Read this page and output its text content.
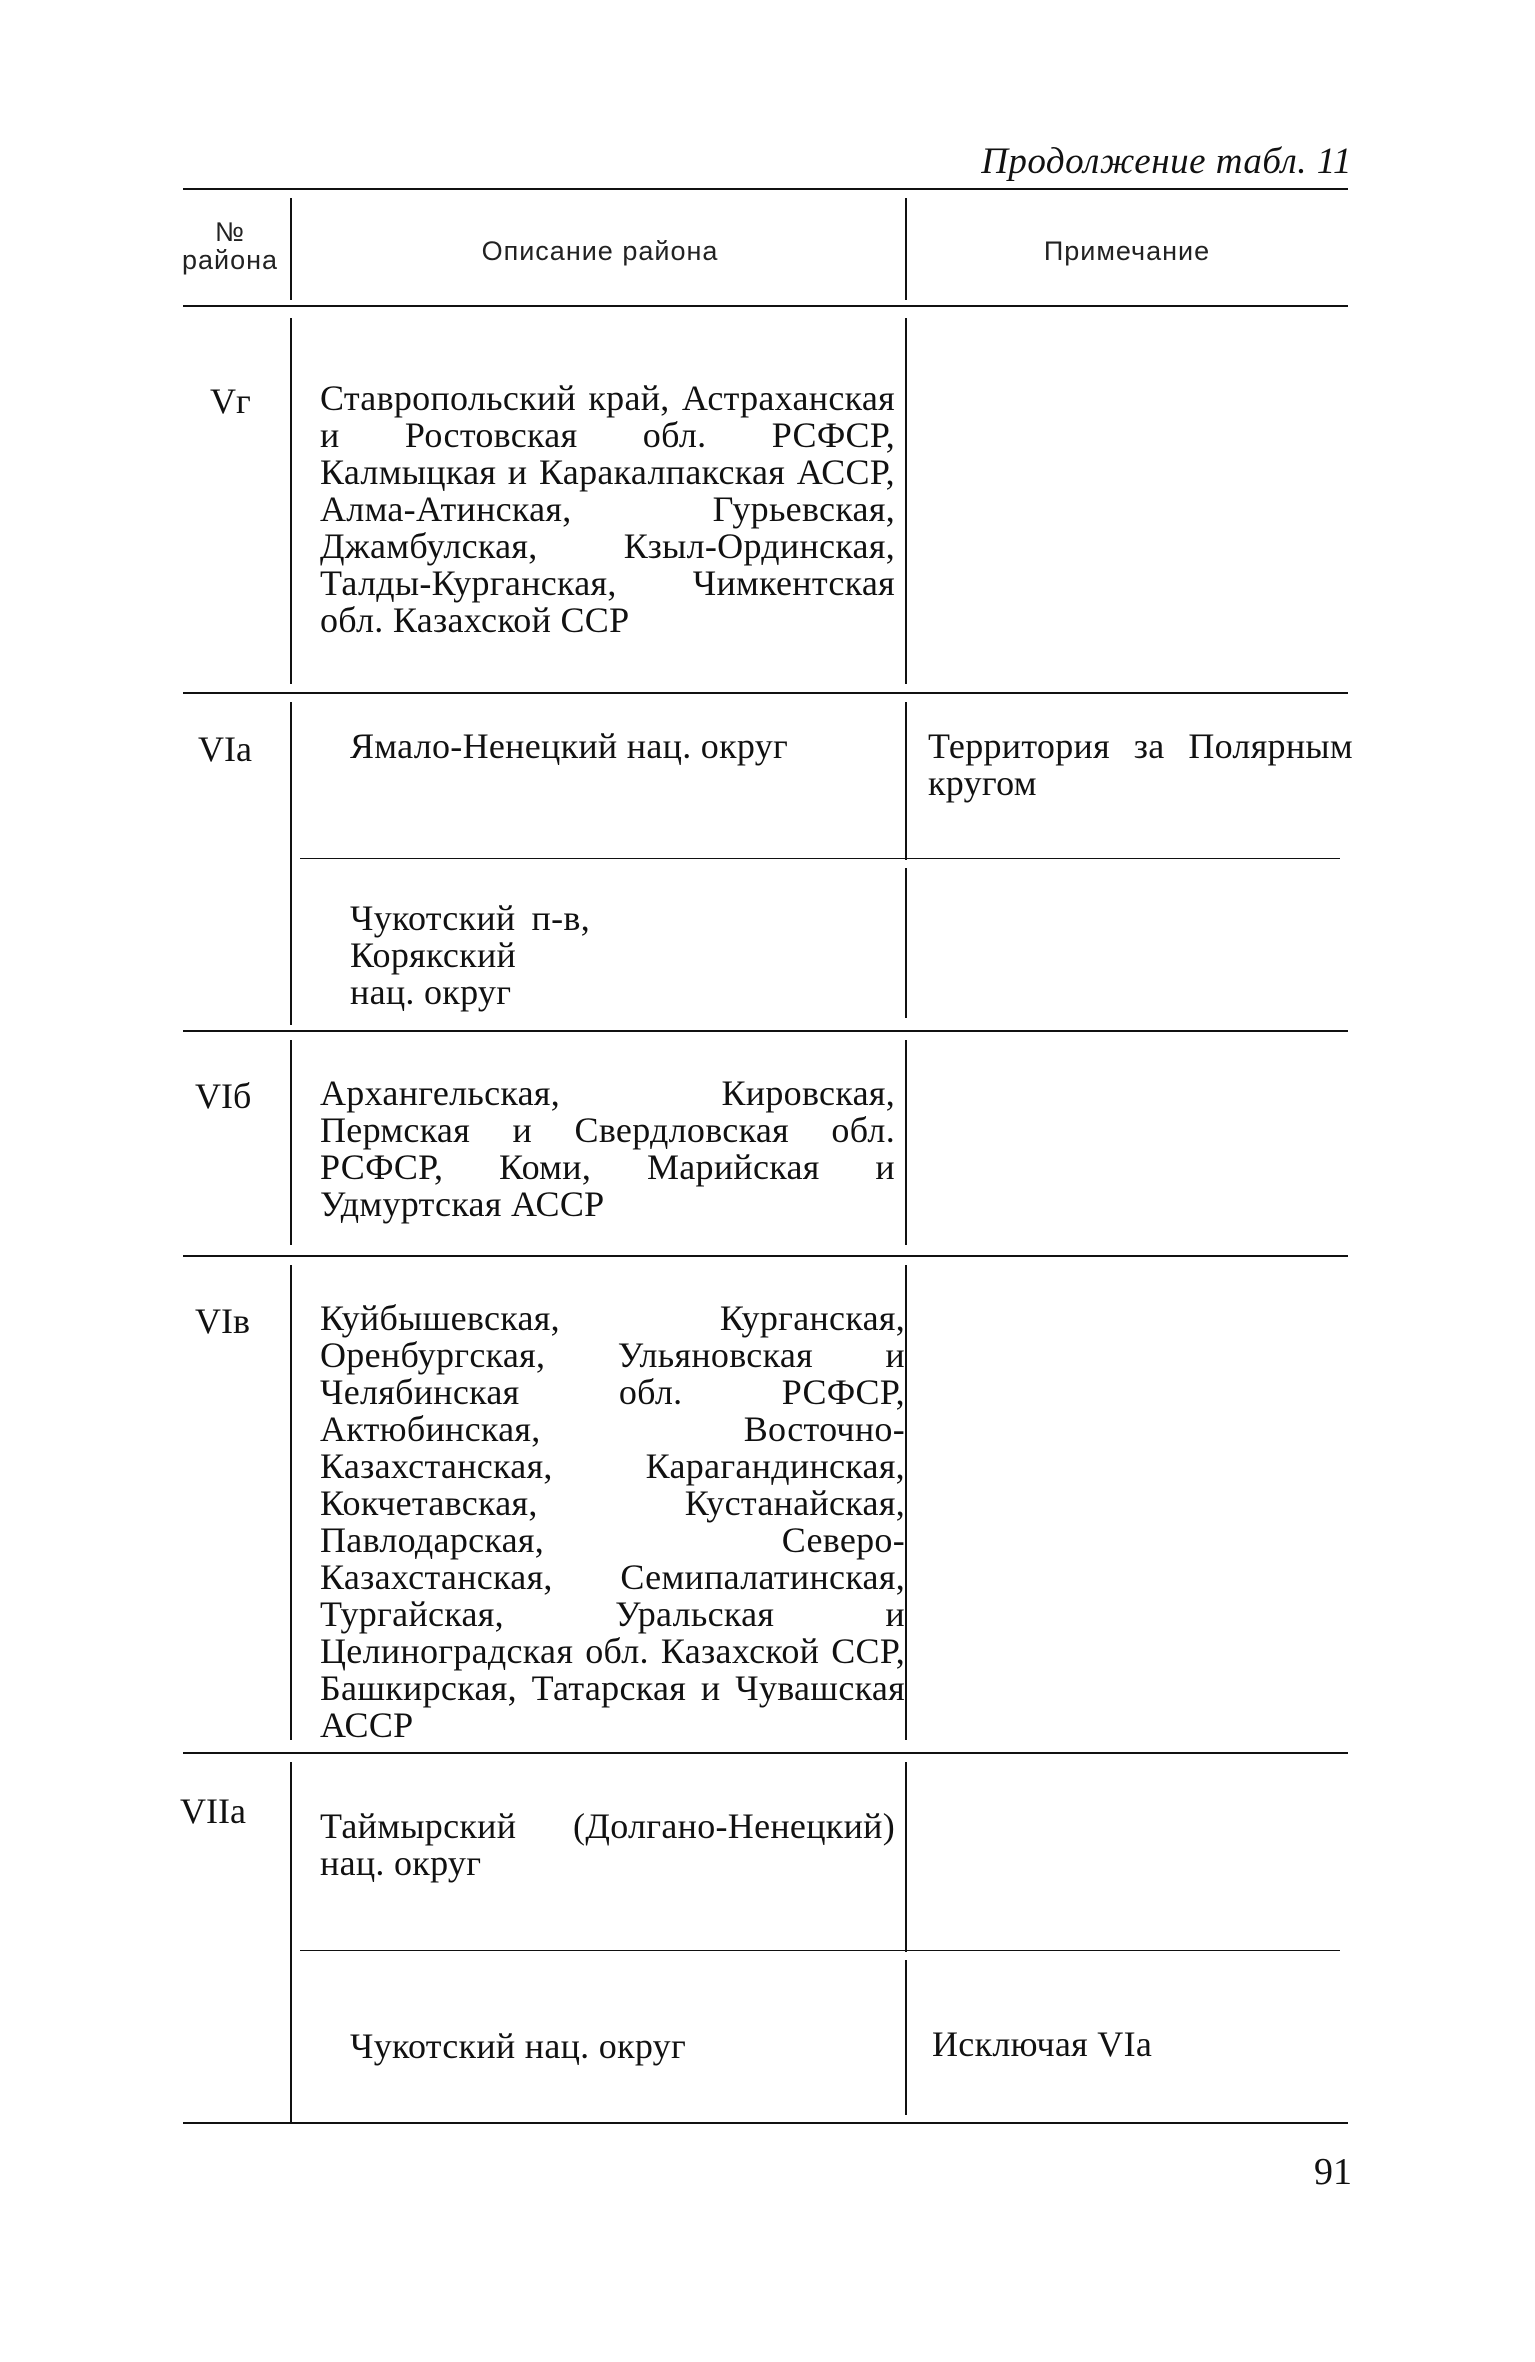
Продолжение табл. 11
№
района	Описание района	Примечание
Vг Ставропольский край, Астраханская и Ростовская обл. РСФСР, Калмыцкая и Каракалпакская АССР, Алма-Атинская, Гурьевская, Джамбулская, Кзыл-Ординская, Талды-Курганская, Чимкентская обл. Казахской ССР
VIа	Ямало-Ненецкий нац. округ	Территория за Полярным кругом
Чукотский п-в, Корякский нац. округ
VIб Архангельская, Кировская, Пермская и Свердловская обл. РСФСР, Коми, Марийская и Удмуртская АССР
VIв Куйбышевская, Курганская, Оренбургская, Ульяновская и Челябинская обл. РСФСР, Актюбинская, Восточно-Казахстанская, Карагандинская, Кокчетавская, Кустанайская, Павлодарская, Северо-Казахстанская, Семипалатинская, Тургайская, Уральская и Целиноградская обл. Казахской ССР, Башкирская, Татарская и Чувашская АССР
VIIа Таймырский (Долгано-Ненецкий) нац. округ
Чукотский нац. округ	Исключая VIа
91
